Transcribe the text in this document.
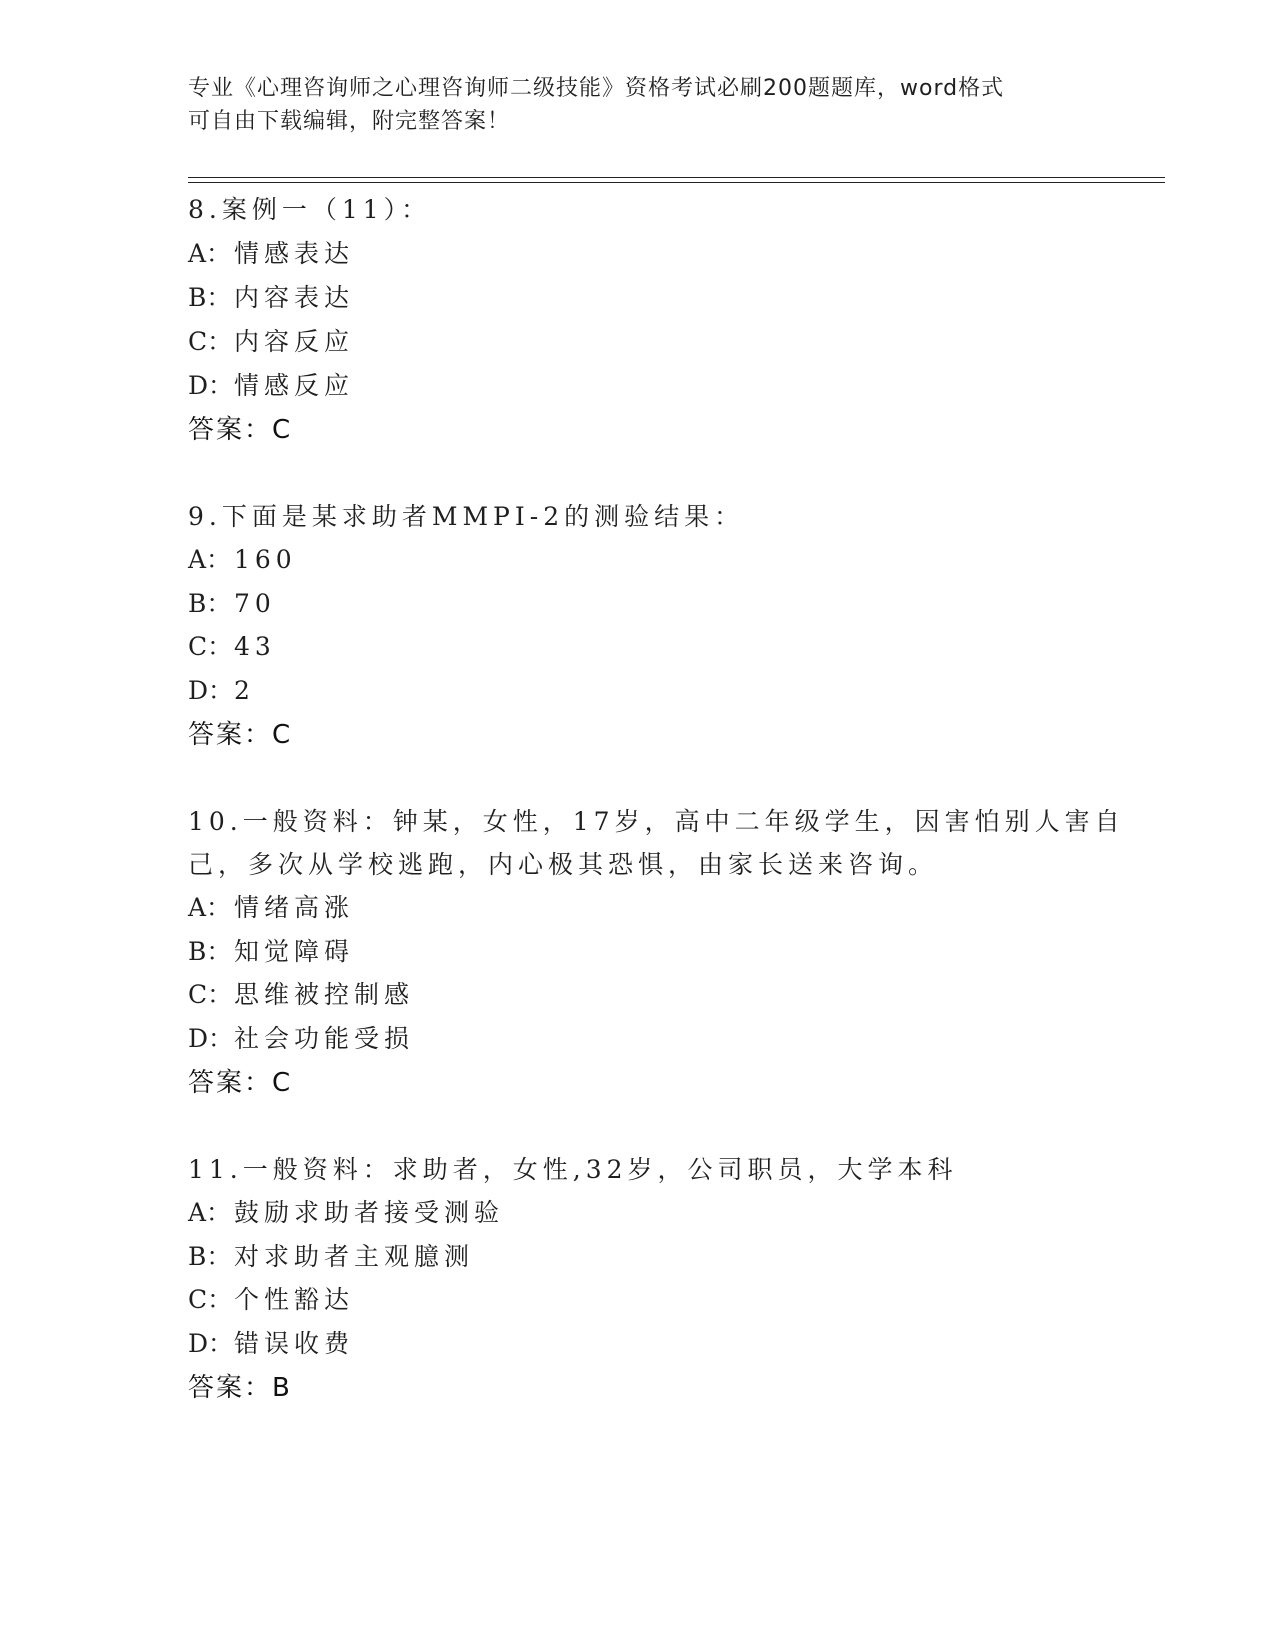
专业《心理咨询师之心理咨询师二级技能》资格考试必刷200题题库，word格式
可自由下载编辑，附完整答案！
8.案例一（11）：
A： 情感表达
B： 内容表达
C：内容反应
D：情感反应
答案：C
9.下面是某求助者MMPI-2的测验结果：
A： 160
B： 70
C：43
D：2
答案：C
10.一般资料：钟某，女性，17岁，高中二年级学生，因害怕别人害自
己，多次从学校逃跑，内心极其恐惧，由家长送来咨询。
A： 情绪高涨
B： 知觉障碍
C：思维被控制感
D：社会功能受损
答案：C
11.一般资料：求助者，女性,32岁，公司职员，大学本科
A： 鼓励求助者接受测验
B： 对求助者主观臆测
C：个性豁达
D：错误收费
答案：B
